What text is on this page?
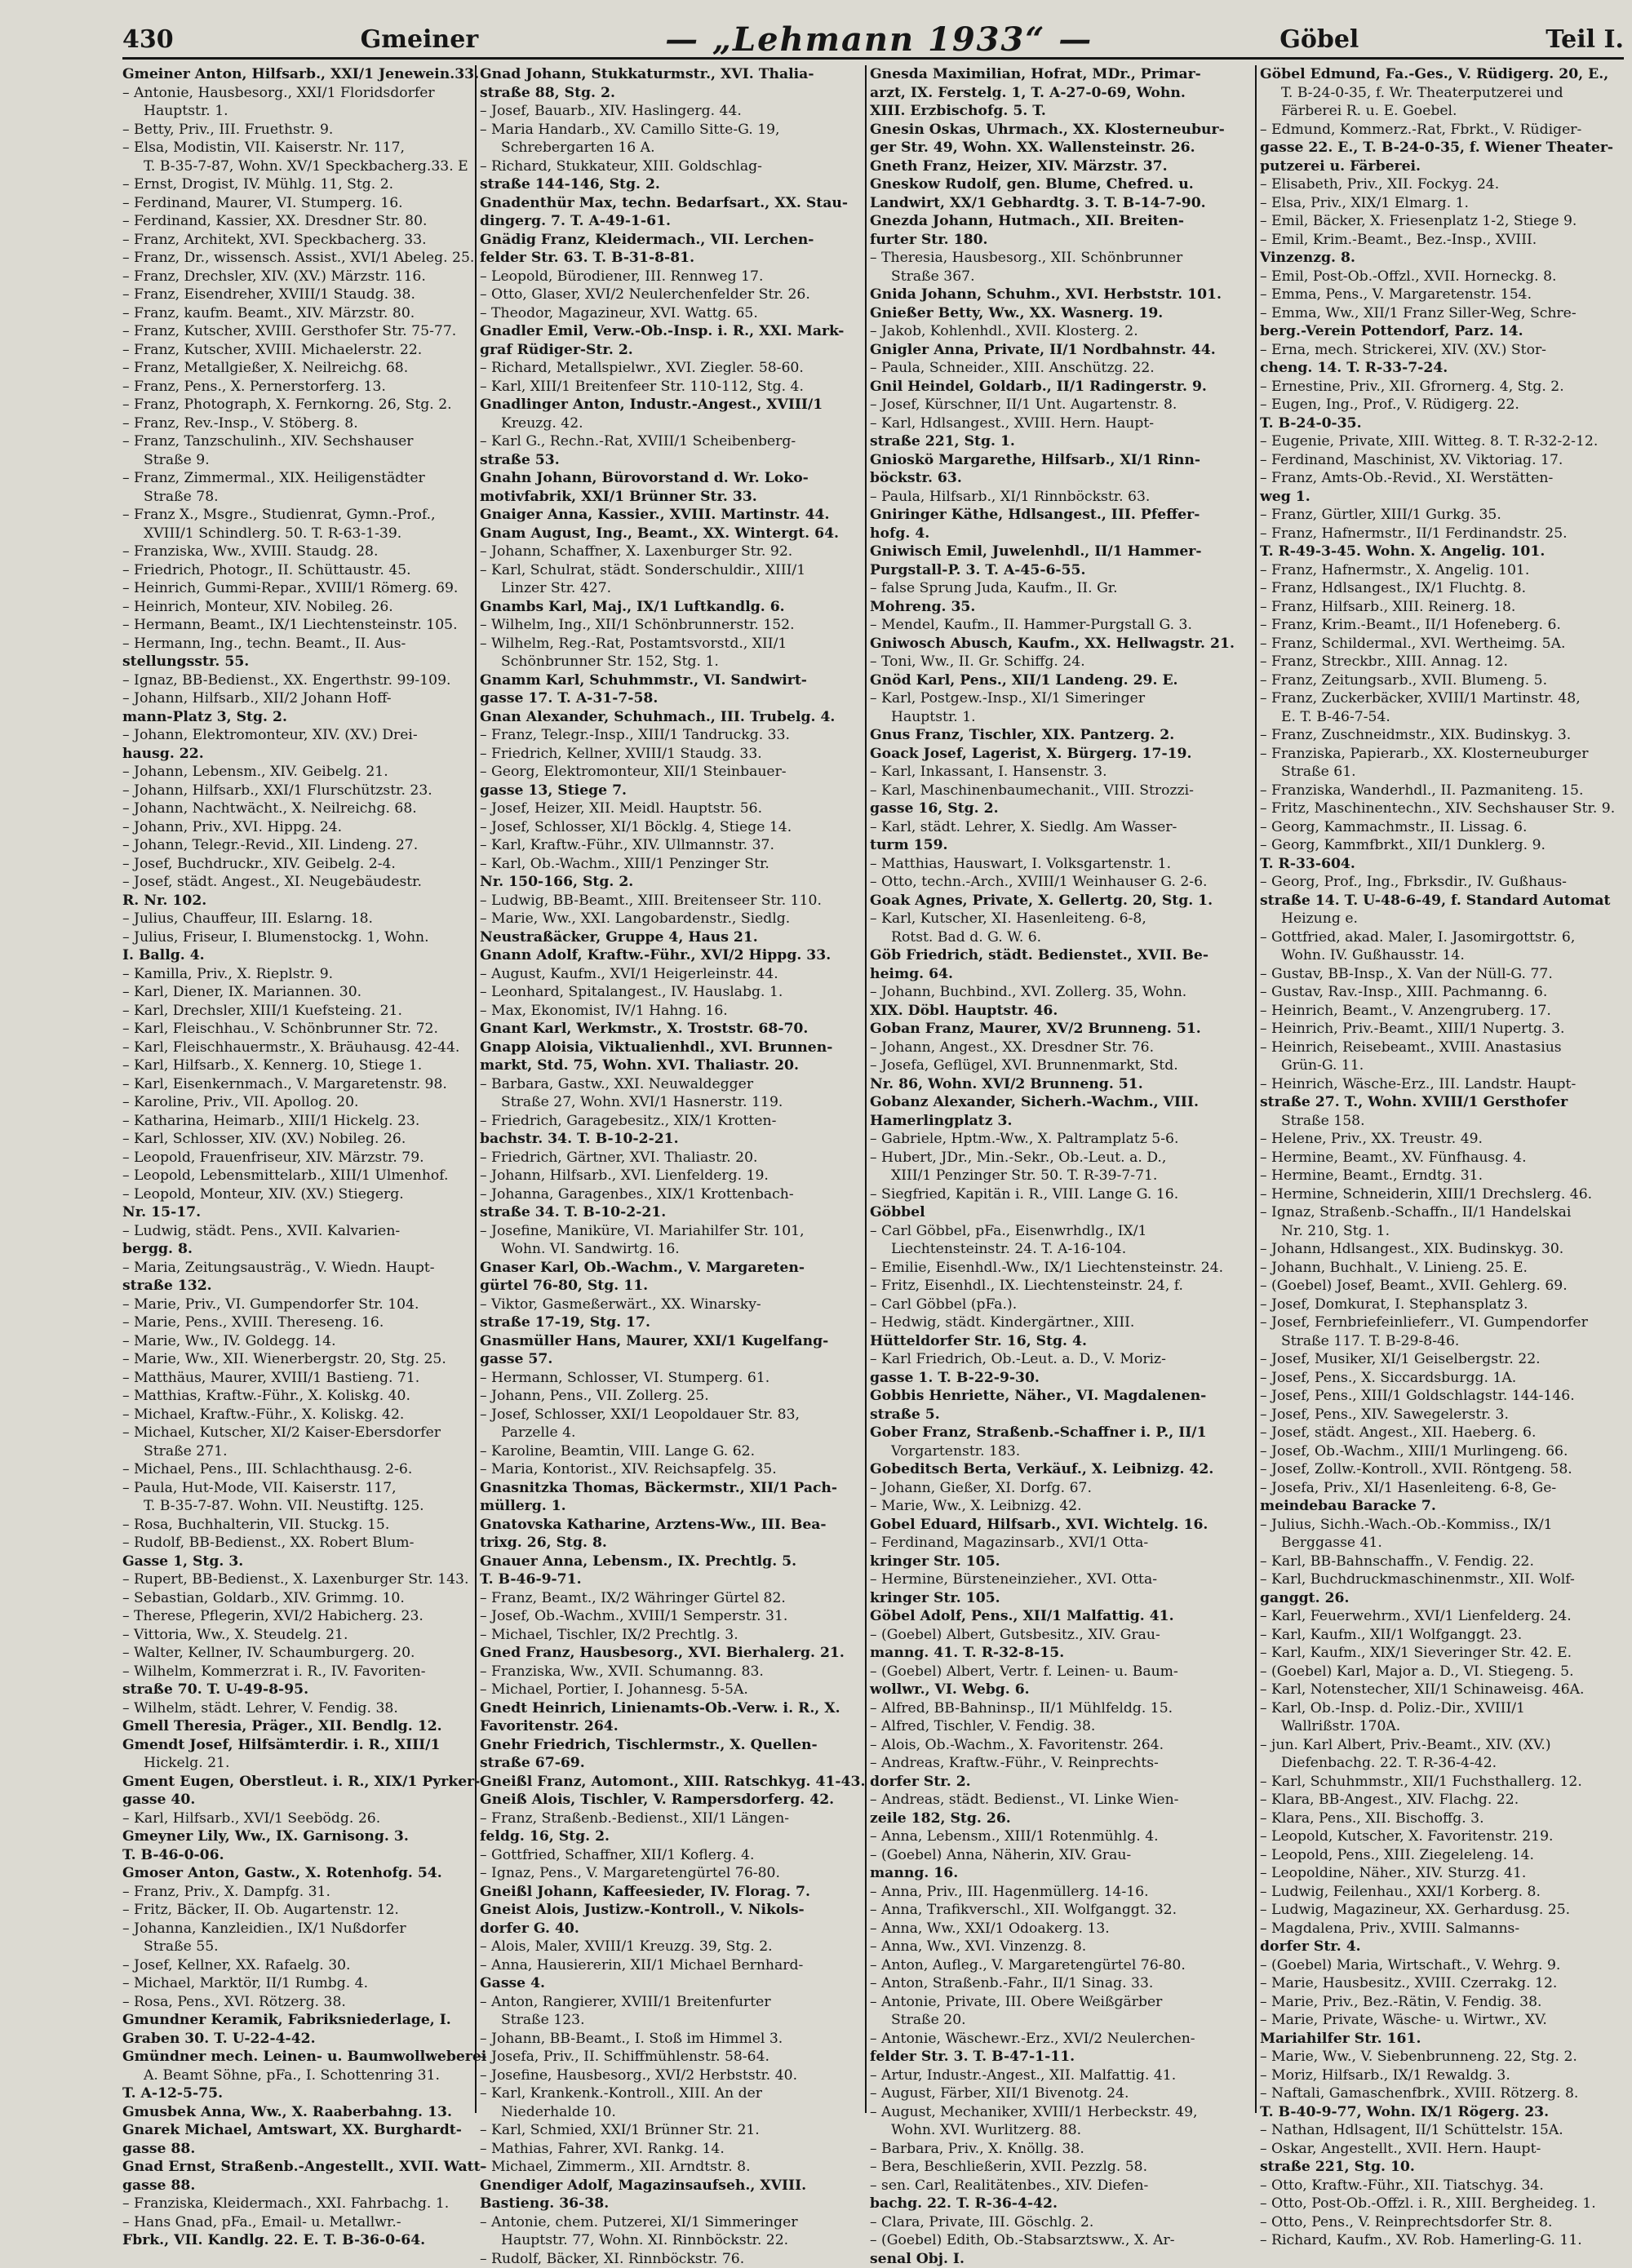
430	Gmeiner	— „Lehmann 1933“ —	Göbel	Teil I.
Gmeiner Anton, Hilfsarb., XXI/1 Jenewein.33.
– Antonie, Hausbesorg., XXI/1 Floridsdorfer
Hauptstr. 1.
– Betty, Priv., III. Fruethstr. 9.
– Elsa, Modistin, VII. Kaiserstr. Nr. 117,
T. B-35-7-87, Wohn. XV/1 Speckbacherg.33. E
– Ernst, Drogist, IV. Mühlg. 11, Stg. 2.
– Ferdinand, Maurer, VI. Stumperg. 16.
– Ferdinand, Kassier, XX. Dresdner Str. 80.
– Franz, Architekt, XVI. Speckbacherg. 33.
– Franz, Dr., wissensch. Assist., XVI/1 Abeleg. 25.
– Franz, Drechsler, XIV. (XV.) Märzstr. 116.
– Franz, Eisendreher, XVIII/1 Staudg. 38.
– Franz, kaufm. Beamt., XIV. Märzstr. 80.
– Franz, Kutscher, XVIII. Gersthofer Str. 75-77.
– Franz, Kutscher, XVIII. Michaelerstr. 22.
– Franz, Metallgießer, X. Neilreichg. 68.
– Franz, Pens., X. Pernerstorferg. 13.
– Franz, Photograph, X. Fernkorng. 26, Stg. 2.
– Franz, Rev.-Insp., V. Stöberg. 8.
– Franz, Tanzschulinh., XIV. Sechshauser
Straße 9.
– Franz, Zimmermal., XIX. Heiligenstädter
Straße 78.
– Franz X., Msgre., Studienrat, Gymn.-Prof.,
XVIII/1 Schindlerg. 50. T. R-63-1-39.
– Franziska, Ww., XVIII. Staudg. 28.
– Friedrich, Photogr., II. Schüttaustr. 45.
– Heinrich, Gummi-Repar., XVIII/1 Römerg. 69.
– Heinrich, Monteur, XIV. Nobileg. 26.
– Hermann, Beamt., IX/1 Liechtensteinstr. 105.
– Hermann, Ing., techn. Beamt., II. Aus-
stellungsstr. 55.
– Ignaz, BB-Bedienst., XX. Engerthstr. 99-109.
– Johann, Hilfsarb., XII/2 Johann Hoff-
mann-Platz 3, Stg. 2.
– Johann, Elektromonteur, XIV. (XV.) Drei-
hausg. 22.
– Johann, Lebensm., XIV. Geibelg. 21.
– Johann, Hilfsarb., XXI/1 Flurschützstr. 23.
– Johann, Nachtwächt., X. Neilreichg. 68.
– Johann, Priv., XVI. Hippg. 24.
– Johann, Telegr.-Revid., XII. Lindeng. 27.
– Josef, Buchdruckr., XIV. Geibelg. 2-4.
– Josef, städt. Angest., XI. Neugebäudestr.
R. Nr. 102.
– Julius, Chauffeur, III. Eslarng. 18.
– Julius, Friseur, I. Blumenstockg. 1, Wohn.
I. Ballg. 4.
– Kamilla, Priv., X. Rieplstr. 9.
– Karl, Diener, IX. Mariannen. 30.
– Karl, Drechsler, XIII/1 Kuefsteing. 21.
– Karl, Fleischhau., V. Schönbrunner Str. 72.
– Karl, Fleischhauermstr., X. Bräuhausg. 42-44.
– Karl, Hilfsarb., X. Kennerg. 10, Stiege 1.
– Karl, Eisenkernmach., V. Margaretenstr. 98.
– Karoline, Priv., VII. Apollog. 20.
– Katharina, Heimarb., XIII/1 Hickelg. 23.
– Karl, Schlosser, XIV. (XV.) Nobileg. 26.
– Leopold, Frauenfriseur, XIV. Märzstr. 79.
– Leopold, Lebensmittelarb., XIII/1 Ulmenhof.
– Leopold, Monteur, XIV. (XV.) Stiegerg.
Nr. 15-17.
– Ludwig, städt. Pens., XVII. Kalvarien-
bergg. 8.
– Maria, Zeitungsausträg., V. Wiedn. Haupt-
straße 132.
– Marie, Priv., VI. Gumpendorfer Str. 104.
– Marie, Pens., XVIII. Thereseng. 16.
– Marie, Ww., IV. Goldegg. 14.
– Marie, Ww., XII. Wienerbergstr. 20, Stg. 25.
– Matthäus, Maurer, XVIII/1 Bastieng. 71.
– Matthias, Kraftw.-Führ., X. Koliskg. 40.
– Michael, Kraftw.-Führ., X. Koliskg. 42.
– Michael, Kutscher, XI/2 Kaiser-Ebersdorfer
Straße 271.
– Michael, Pens., III. Schlachthausg. 2-6.
– Paula, Hut-Mode, VII. Kaiserstr. 117,
T. B-35-7-87. Wohn. VII. Neustiftg. 125.
– Rosa, Buchhalterin, VII. Stuckg. 15.
– Rudolf, BB-Bedienst., XX. Robert Blum-
Gasse 1, Stg. 3.
– Rupert, BB-Bedienst., X. Laxenburger Str. 143.
– Sebastian, Goldarb., XIV. Grimmg. 10.
– Therese, Pflegerin, XVI/2 Habicherg. 23.
– Vittoria, Ww., X. Steudelg. 21.
– Walter, Kellner, IV. Schaumburgerg. 20.
– Wilhelm, Kommerzrat i. R., IV. Favoriten-
straße 70. T. U-49-8-95.
– Wilhelm, städt. Lehrer, V. Fendig. 38.
Gmell Theresia, Präger., XII. Bendlg. 12.
Gmendt Josef, Hilfsämterdir. i. R., XIII/1
Hickelg. 21.
Gment Eugen, Oberstleut. i. R., XIX/1 Pyrker-
gasse 40.
– Karl, Hilfsarb., XVI/1 Seebödg. 26.
Gmeyner Lily, Ww., IX. Garnisong. 3.
T. B-46-0-06.
Gmoser Anton, Gastw., X. Rotenhofg. 54.
– Franz, Priv., X. Dampfg. 31.
– Fritz, Bäcker, II. Ob. Augartenstr. 12.
– Johanna, Kanzleidien., IX/1 Nußdorfer
Straße 55.
– Josef, Kellner, XX. Rafaelg. 30.
– Michael, Marktör, II/1 Rumbg. 4.
– Rosa, Pens., XVI. Rötzerg. 38.
Gmundner Keramik, Fabriksniederlage, I.
Graben 30. T. U-22-4-42.
Gmündner mech. Leinen- u. Baumwollweberei
A. Beamt Söhne, pFa., I. Schottenring 31.
T. A-12-5-75.
Gmusbek Anna, Ww., X. Raaberbahng. 13.
Gnarek Michael, Amtswart, XX. Burghardt-
gasse 88.
Gnad Ernst, Straßenb.-Angestellt., XVII. Watt-
gasse 88.
– Franziska, Kleidermach., XXI. Fahrbachg. 1.
– Hans Gnad, pFa., Email- u. Metallwr.-
Fbrk., VII. Kandlg. 22. E. T. B-36-0-64.
Gnad Johann, Stukkaturmstr., XVI. Thalia-
straße 88, Stg. 2.
– Josef, Bauarb., XIV. Haslingerg. 44.
– Maria Handarb., XV. Camillo Sitte-G. 19,
Schrebergarten 16 A.
– Richard, Stukkateur, XIII. Goldschlag-
straße 144-146, Stg. 2.
Gnadenthür Max, techn. Bedarfsart., XX. Stau-
dingerg. 7. T. A-49-1-61.
Gnädig Franz, Kleidermach., VII. Lerchen-
felder Str. 63. T. B-31-8-81.
– Leopold, Bürodiener, III. Rennweg 17.
– Otto, Glaser, XVI/2 Neulerchenfelder Str. 26.
– Theodor, Magazineur, XVI. Wattg. 65.
Gnadler Emil, Verw.-Ob.-Insp. i. R., XXI. Mark-
graf Rüdiger-Str. 2.
– Richard, Metallspielwr., XVI. Ziegler. 58-60.
– Karl, XIII/1 Breitenfeer Str. 110-112, Stg. 4.
Gnadlinger Anton, Industr.-Angest., XVIII/1
Kreuzg. 42.
– Karl G., Rechn.-Rat, XVIII/1 Scheibenberg-
straße 53.
Gnahn Johann, Bürovorstand d. Wr. Loko-
motivfabrik, XXI/1 Brünner Str. 33.
Gnaiger Anna, Kassier., XVIII. Martinstr. 44.
Gnam August, Ing., Beamt., XX. Wintergt. 64.
– Johann, Schaffner, X. Laxenburger Str. 92.
– Karl, Schulrat, städt. Sonderschuldir., XIII/1
Linzer Str. 427.
Gnambs Karl, Maj., IX/1 Luftkandlg. 6.
– Wilhelm, Ing., XII/1 Schönbrunnerstr. 152.
– Wilhelm, Reg.-Rat, Postamtsvorstd., XII/1
Schönbrunner Str. 152, Stg. 1.
Gnamm Karl, Schuhmmstr., VI. Sandwirt-
gasse 17. T. A-31-7-58.
Gnan Alexander, Schuhmach., III. Trubelg. 4.
– Franz, Telegr.-Insp., XIII/1 Tandruckg. 33.
– Friedrich, Kellner, XVIII/1 Staudg. 33.
– Georg, Elektromonteur, XII/1 Steinbauer-
gasse 13, Stiege 7.
– Josef, Heizer, XII. Meidl. Hauptstr. 56.
– Josef, Schlosser, XI/1 Böcklg. 4, Stiege 14.
– Karl, Kraftw.-Führ., XIV. Ullmannstr. 37.
– Karl, Ob.-Wachm., XIII/1 Penzinger Str.
Nr. 150-166, Stg. 2.
– Ludwig, BB-Beamt., XIII. Breitenseer Str. 110.
– Marie, Ww., XXI. Langobardenstr., Siedlg.
Neustraßäcker, Gruppe 4, Haus 21.
Gnann Adolf, Kraftw.-Führ., XVI/2 Hippg. 33.
– August, Kaufm., XVI/1 Heigerleinstr. 44.
– Leonhard, Spitalangest., IV. Hauslabg. 1.
– Max, Ekonomist, IV/1 Hahng. 16.
Gnant Karl, Werkmstr., X. Troststr. 68-70.
Gnapp Aloisia, Viktualienhdl., XVI. Brunnen-
markt, Std. 75, Wohn. XVI. Thaliastr. 20.
– Barbara, Gastw., XXI. Neuwaldegger
Straße 27, Wohn. XVI/1 Hasnerstr. 119.
– Friedrich, Garagebesitz., XIX/1 Krotten-
bachstr. 34. T. B-10-2-21.
– Friedrich, Gärtner, XVI. Thaliastr. 20.
– Johann, Hilfsarb., XVI. Lienfelderg. 19.
– Johanna, Garagenbes., XIX/1 Krottenbach-
straße 34. T. B-10-2-21.
– Josefine, Maniküre, VI. Mariahilfer Str. 101,
Wohn. VI. Sandwirtg. 16.
Gnaser Karl, Ob.-Wachm., V. Margareten-
gürtel 76-80, Stg. 11.
– Viktor, Gasmeßerwärt., XX. Winarsky-
straße 17-19, Stg. 17.
Gnasmüller Hans, Maurer, XXI/1 Kugelfang-
gasse 57.
– Hermann, Schlosser, VI. Stumperg. 61.
– Johann, Pens., VII. Zollerg. 25.
– Josef, Schlosser, XXI/1 Leopoldauer Str. 83,
Parzelle 4.
– Karoline, Beamtin, VIII. Lange G. 62.
– Maria, Kontorist., XIV. Reichsapfelg. 35.
Gnasnitzka Thomas, Bäckermstr., XII/1 Pach-
müllerg. 1.
Gnatovska Katharine, Arztens-Ww., III. Bea-
trixg. 26, Stg. 8.
Gnauer Anna, Lebensm., IX. Prechtlg. 5.
T. B-46-9-71.
– Franz, Beamt., IX/2 Währinger Gürtel 82.
– Josef, Ob.-Wachm., XVIII/1 Semperstr. 31.
– Michael, Tischler, IX/2 Prechtlg. 3.
Gned Franz, Hausbesorg., XVI. Bierhalerg. 21.
– Franziska, Ww., XVII. Schumanng. 83.
– Michael, Portier, I. Johannesg. 5-5A.
Gnedt Heinrich, Linienamts-Ob.-Verw. i. R., X.
Favoritenstr. 264.
Gnehr Friedrich, Tischlermstr., X. Quellen-
straße 67-69.
Gneißl Franz, Automont., XIII. Ratschkyg. 41-43.
Gneiß Alois, Tischler, V. Rampersdorferg. 42.
– Franz, Straßenb.-Bedienst., XII/1 Längen-
feldg. 16, Stg. 2.
– Gottfried, Schaffner, XII/1 Koflerg. 4.
– Ignaz, Pens., V. Margaretengürtel 76-80.
Gneißl Johann, Kaffeesieder, IV. Florag. 7.
Gneist Alois, Justizw.-Kontroll., V. Nikols-
dorfer G. 40.
– Alois, Maler, XVIII/1 Kreuzg. 39, Stg. 2.
– Anna, Hausiererin, XII/1 Michael Bernhard-
Gasse 4.
– Anton, Rangierer, XVIII/1 Breitenfurter
Straße 123.
– Johann, BB-Beamt., I. Stoß im Himmel 3.
– Josefa, Priv., II. Schiffmühlenstr. 58-64.
– Josefine, Hausbesorg., XVI/2 Herbststr. 40.
– Karl, Krankenk.-Kontroll., XIII. An der
Niederhalde 10.
– Karl, Schmied, XXI/1 Brünner Str. 21.
– Mathias, Fahrer, XVI. Rankg. 14.
– Michael, Zimmerm., XII. Arndtstr. 8.
Gnendiger Adolf, Magazinsaufseh., XVIII.
Bastieng. 36-38.
– Antonie, chem. Putzerei, XI/1 Simmeringer
Hauptstr. 77, Wohn. XI. Rinnböckstr. 22.
– Rudolf, Bäcker, XI. Rinnböckstr. 76.
Gnesda Maximilian, Hofrat, MDr., Primar-
arzt, IX. Ferstelg. 1, T. A-27-0-69, Wohn.
XIII. Erzbischofg. 5. T.
Gnesin Oskas, Uhrmach., XX. Klosterneubur-
ger Str. 49, Wohn. XX. Wallensteinstr. 26.
Gneth Franz, Heizer, XIV. Märzstr. 37.
Gneskow Rudolf, gen. Blume, Chefred. u.
Landwirt, XX/1 Gebhardtg. 3. T. B-14-7-90.
Gnezda Johann, Hutmach., XII. Breiten-
furter Str. 180.
– Theresia, Hausbesorg., XII. Schönbrunner
Straße 367.
Gnida Johann, Schuhm., XVI. Herbststr. 101.
Gnießer Betty, Ww., XX. Wasnerg. 19.
– Jakob, Kohlenhdl., XVII. Klosterg. 2.
Gnigler Anna, Private, II/1 Nordbahnstr. 44.
– Paula, Schneider., XIII. Anschützg. 22.
Gnil Heindel, Goldarb., II/1 Radingerstr. 9.
– Josef, Kürschner, II/1 Unt. Augartenstr. 8.
– Karl, Hdlsangest., XVIII. Hern. Haupt-
straße 221, Stg. 1.
Gnioskö Margarethe, Hilfsarb., XI/1 Rinn-
böckstr. 63.
– Paula, Hilfsarb., XI/1 Rinnböckstr. 63.
Gniringer Käthe, Hdlsangest., III. Pfeffer-
hofg. 4.
Gniwisch Emil, Juwelenhdl., II/1 Hammer-
Purgstall-P. 3. T. A-45-6-55.
– false Sprung Juda, Kaufm., II. Gr.
Mohreng. 35.
– Mendel, Kaufm., II. Hammer-Purgstall G. 3.
Gniwosch Abusch, Kaufm., XX. Hellwagstr. 21.
– Toni, Ww., II. Gr. Schiffg. 24.
Gnöd Karl, Pens., XII/1 Landeng. 29. E.
– Karl, Postgew.-Insp., XI/1 Simeringer
Hauptstr. 1.
Gnus Franz, Tischler, XIX. Pantzerg. 2.
Goack Josef, Lagerist, X. Bürgerg. 17-19.
– Karl, Inkassant, I. Hansenstr. 3.
– Karl, Maschinenbaumechanit., VIII. Strozzi-
gasse 16, Stg. 2.
– Karl, städt. Lehrer, X. Siedlg. Am Wasser-
turm 159.
– Matthias, Hauswart, I. Volksgartenstr. 1.
– Otto, techn.-Arch., XVIII/1 Weinhauser G. 2-6.
Goak Agnes, Private, X. Gellertg. 20, Stg. 1.
– Karl, Kutscher, XI. Hasenleiteng. 6-8,
Rotst. Bad d. G. W. 6.
Göb Friedrich, städt. Bedienstet., XVII. Be-
heimg. 64.
– Johann, Buchbind., XVI. Zollerg. 35, Wohn.
XIX. Döbl. Hauptstr. 46.
Goban Franz, Maurer, XV/2 Brunneng. 51.
– Johann, Angest., XX. Dresdner Str. 76.
– Josefa, Geflügel, XVI. Brunnenmarkt, Std.
Nr. 86, Wohn. XVI/2 Brunneng. 51.
Gobanz Alexander, Sicherh.-Wachm., VIII.
Hamerlingplatz 3.
– Gabriele, Hptm.-Ww., X. Paltramplatz 5-6.
– Hubert, JDr., Min.-Sekr., Ob.-Leut. a. D.,
XIII/1 Penzinger Str. 50. T. R-39-7-71.
– Siegfried, Kapitän i. R., VIII. Lange G. 16.
Göbbel
– Carl Göbbel, pFa., Eisenwrhdlg., IX/1
Liechtensteinstr. 24. T. A-16-104.
– Emilie, Eisenhdl.-Ww., IX/1 Liechtensteinstr. 24.
– Fritz, Eisenhdl., IX. Liechtensteinstr. 24, f.
– Carl Göbbel (pFa.).
– Hedwig, städt. Kindergärtner., XIII.
Hütteldorfer Str. 16, Stg. 4.
– Karl Friedrich, Ob.-Leut. a. D., V. Moriz-
gasse 1. T. B-22-9-30.
Gobbis Henriette, Näher., VI. Magdalenen-
straße 5.
Gober Franz, Straßenb.-Schaffner i. P., II/1
Vorgartenstr. 183.
Gobeditsch Berta, Verkäuf., X. Leibnizg. 42.
– Johann, Gießer, XI. Dorfg. 67.
– Marie, Ww., X. Leibnizg. 42.
Gobel Eduard, Hilfsarb., XVI. Wichtelg. 16.
– Ferdinand, Magazinsarb., XVI/1 Otta-
kringer Str. 105.
– Hermine, Bürsteneinzieher., XVI. Otta-
kringer Str. 105.
Göbel Adolf, Pens., XII/1 Malfattig. 41.
– (Goebel) Albert, Gutsbesitz., XIV. Grau-
manng. 41. T. R-32-8-15.
– (Goebel) Albert, Vertr. f. Leinen- u. Baum-
wollwr., VI. Webg. 6.
– Alfred, BB-Bahninsp., II/1 Mühlfeldg. 15.
– Alfred, Tischler, V. Fendig. 38.
– Alois, Ob.-Wachm., X. Favoritenstr. 264.
– Andreas, Kraftw.-Führ., V. Reinprechts-
dorfer Str. 2.
– Andreas, städt. Bedienst., VI. Linke Wien-
zeile 182, Stg. 26.
– Anna, Lebensm., XIII/1 Rotenmühlg. 4.
– (Goebel) Anna, Näherin, XIV. Grau-
manng. 16.
– Anna, Priv., III. Hagenmüllerg. 14-16.
– Anna, Trafikverschl., XII. Wolfganggt. 32.
– Anna, Ww., XXI/1 Odoakerg. 13.
– Anna, Ww., XVI. Vinzenzg. 8.
– Anton, Aufleg., V. Margaretengürtel 76-80.
– Anton, Straßenb.-Fahr., II/1 Sinag. 33.
– Antonie, Private, III. Obere Weißgärber
Straße 20.
– Antonie, Wäschewr.-Erz., XVI/2 Neulerchen-
felder Str. 3. T. B-47-1-11.
– Artur, Industr.-Angest., XII. Malfattig. 41.
– August, Färber, XII/1 Bivenotg. 24.
– August, Mechaniker, XVIII/1 Herbeckstr. 49,
Wohn. XVI. Wurlitzerg. 88.
– Barbara, Priv., X. Knöllg. 38.
– Bera, Beschließerin, XVII. Pezzlg. 58.
– sen. Carl, Realitätenbes., XIV. Diefen-
bachg. 22. T. R-36-4-42.
– Clara, Private, III. Göschlg. 2.
– (Goebel) Edith, Ob.-Stabsarztsww., X. Ar-
senal Obj. I.
Göbel Edmund, Fa.-Ges., V. Rüdigerg. 20, E.,
T. B-24-0-35, f. Wr. Theaterputzerei und
Färberei R. u. E. Goebel.
– Edmund, Kommerz.-Rat, Fbrkt., V. Rüdiger-
gasse 22. E., T. B-24-0-35, f. Wiener Theater-
putzerei u. Färberei.
– Elisabeth, Priv., XII. Fockyg. 24.
– Elsa, Priv., XIX/1 Elmarg. 1.
– Emil, Bäcker, X. Friesenplatz 1-2, Stiege 9.
– Emil, Krim.-Beamt., Bez.-Insp., XVIII.
Vinzenzg. 8.
– Emil, Post-Ob.-Offzl., XVII. Horneckg. 8.
– Emma, Pens., V. Margaretenstr. 154.
– Emma, Ww., XII/1 Franz Siller-Weg, Schre-
berg.-Verein Pottendorf, Parz. 14.
– Erna, mech. Strickerei, XIV. (XV.) Stor-
cheng. 14. T. R-33-7-24.
– Ernestine, Priv., XII. Gfrornerg. 4, Stg. 2.
– Eugen, Ing., Prof., V. Rüdigerg. 22.
T. B-24-0-35.
– Eugenie, Private, XIII. Witteg. 8. T. R-32-2-12.
– Ferdinand, Maschinist, XV. Viktoriag. 17.
– Franz, Amts-Ob.-Revid., XI. Werstätten-
weg 1.
– Franz, Gürtler, XIII/1 Gurkg. 35.
– Franz, Hafnermstr., II/1 Ferdinandstr. 25.
T. R-49-3-45. Wohn. X. Angelig. 101.
– Franz, Hafnermstr., X. Angelig. 101.
– Franz, Hdlsangest., IX/1 Fluchtg. 8.
– Franz, Hilfsarb., XIII. Reinerg. 18.
– Franz, Krim.-Beamt., II/1 Hofeneberg. 6.
– Franz, Schildermal., XVI. Wertheimg. 5A.
– Franz, Streckbr., XIII. Annag. 12.
– Franz, Zeitungsarb., XVII. Blumeng. 5.
– Franz, Zuckerbäcker, XVIII/1 Martinstr. 48,
E. T. B-46-7-54.
– Franz, Zuschneidmstr., XIX. Budinskyg. 3.
– Franziska, Papierarb., XX. Klosterneuburger
Straße 61.
– Franziska, Wanderhdl., II. Pazmaniteng. 15.
– Fritz, Maschinentechn., XIV. Sechshauser Str. 9.
– Georg, Kammachmstr., II. Lissag. 6.
– Georg, Kammfbrkt., XII/1 Dunklerg. 9.
T. R-33-604.
– Georg, Prof., Ing., Fbrksdir., IV. Gußhaus-
straße 14. T. U-48-6-49, f. Standard Automat
Heizung e.
– Gottfried, akad. Maler, I. Jasomirgottstr. 6,
Wohn. IV. Gußhausstr. 14.
– Gustav, BB-Insp., X. Van der Nüll-G. 77.
– Gustav, Rav.-Insp., XIII. Pachmanng. 6.
– Heinrich, Beamt., V. Anzengruberg. 17.
– Heinrich, Priv.-Beamt., XIII/1 Nupertg. 3.
– Heinrich, Reisebeamt., XVIII. Anastasius
Grün-G. 11.
– Heinrich, Wäsche-Erz., III. Landstr. Haupt-
straße 27. T., Wohn. XVIII/1 Gersthofer
Straße 158.
– Helene, Priv., XX. Treustr. 49.
– Hermine, Beamt., XV. Fünfhausg. 4.
– Hermine, Beamt., Erndtg. 31.
– Hermine, Schneiderin, XIII/1 Drechslerg. 46.
– Ignaz, Straßenb.-Schaffn., II/1 Handelskai
Nr. 210, Stg. 1.
– Johann, Hdlsangest., XIX. Budinskyg. 30.
– Johann, Buchhalt., V. Linieng. 25. E.
– (Goebel) Josef, Beamt., XVII. Gehlerg. 69.
– Josef, Domkurat, I. Stephansplatz 3.
– Josef, Fernbriefeinlieferr., VI. Gumpendorfer
Straße 117. T. B-29-8-46.
– Josef, Musiker, XI/1 Geiselbergstr. 22.
– Josef, Pens., X. Siccardsburgg. 1A.
– Josef, Pens., XIII/1 Goldschlagstr. 144-146.
– Josef, Pens., XIV. Sawegelerstr. 3.
– Josef, städt. Angest., XII. Haeberg. 6.
– Josef, Ob.-Wachm., XIII/1 Murlingeng. 66.
– Josef, Zollw.-Kontroll., XVII. Röntgeng. 58.
– Josefa, Priv., XI/1 Hasenleiteng. 6-8, Ge-
meindebau Baracke 7.
– Julius, Sichh.-Wach.-Ob.-Kommiss., IX/1
Berggasse 41.
– Karl, BB-Bahnschaffn., V. Fendig. 22.
– Karl, Buchdruckmaschinenmstr., XII. Wolf-
ganggt. 26.
– Karl, Feuerwehrm., XVI/1 Lienfelderg. 24.
– Karl, Kaufm., XII/1 Wolfganggt. 23.
– Karl, Kaufm., XIX/1 Sieveringer Str. 42. E.
– (Goebel) Karl, Major a. D., VI. Stiegeng. 5.
– Karl, Notenstecher, XII/1 Schinaweisg. 46A.
– Karl, Ob.-Insp. d. Poliz.-Dir., XVIII/1
Wallrißstr. 170A.
– jun. Karl Albert, Priv.-Beamt., XIV. (XV.)
Diefenbachg. 22. T. R-36-4-42.
– Karl, Schuhmmstr., XII/1 Fuchsthallerg. 12.
– Klara, BB-Angest., XIV. Flachg. 22.
– Klara, Pens., XII. Bischoffg. 3.
– Leopold, Kutscher, X. Favoritenstr. 219.
– Leopold, Pens., XIII. Ziegeleleng. 14.
– Leopoldine, Näher., XIV. Sturzg. 41.
– Ludwig, Feilenhau., XXI/1 Korberg. 8.
– Ludwig, Magazineur, XX. Gerhardusg. 25.
– Magdalena, Priv., XVIII. Salmanns-
dorfer Str. 4.
– (Goebel) Maria, Wirtschaft., V. Wehrg. 9.
– Marie, Hausbesitz., XVIII. Czerrakg. 12.
– Marie, Priv., Bez.-Rätin, V. Fendig. 38.
– Marie, Private, Wäsche- u. Wirtwr., XV.
Mariahilfer Str. 161.
– Marie, Ww., V. Siebenbrunneng. 22, Stg. 2.
– Moriz, Hilfsarb., IX/1 Rewaldg. 3.
– Naftali, Gamaschenfbrk., XVIII. Rötzerg. 8.
T. B-40-9-77, Wohn. IX/1 Rögerg. 23.
– Nathan, Hdlsagent, II/1 Schüttelstr. 15A.
– Oskar, Angestellt., XVII. Hern. Haupt-
straße 221, Stg. 10.
– Otto, Kraftw.-Führ., XII. Tiatschyg. 34.
– Otto, Post-Ob.-Offzl. i. R., XIII. Bergheideg. 1.
– Otto, Pens., V. Reinprechtsdorfer Str. 8.
– Richard, Kaufm., XV. Rob. Hamerling-G. 11.
